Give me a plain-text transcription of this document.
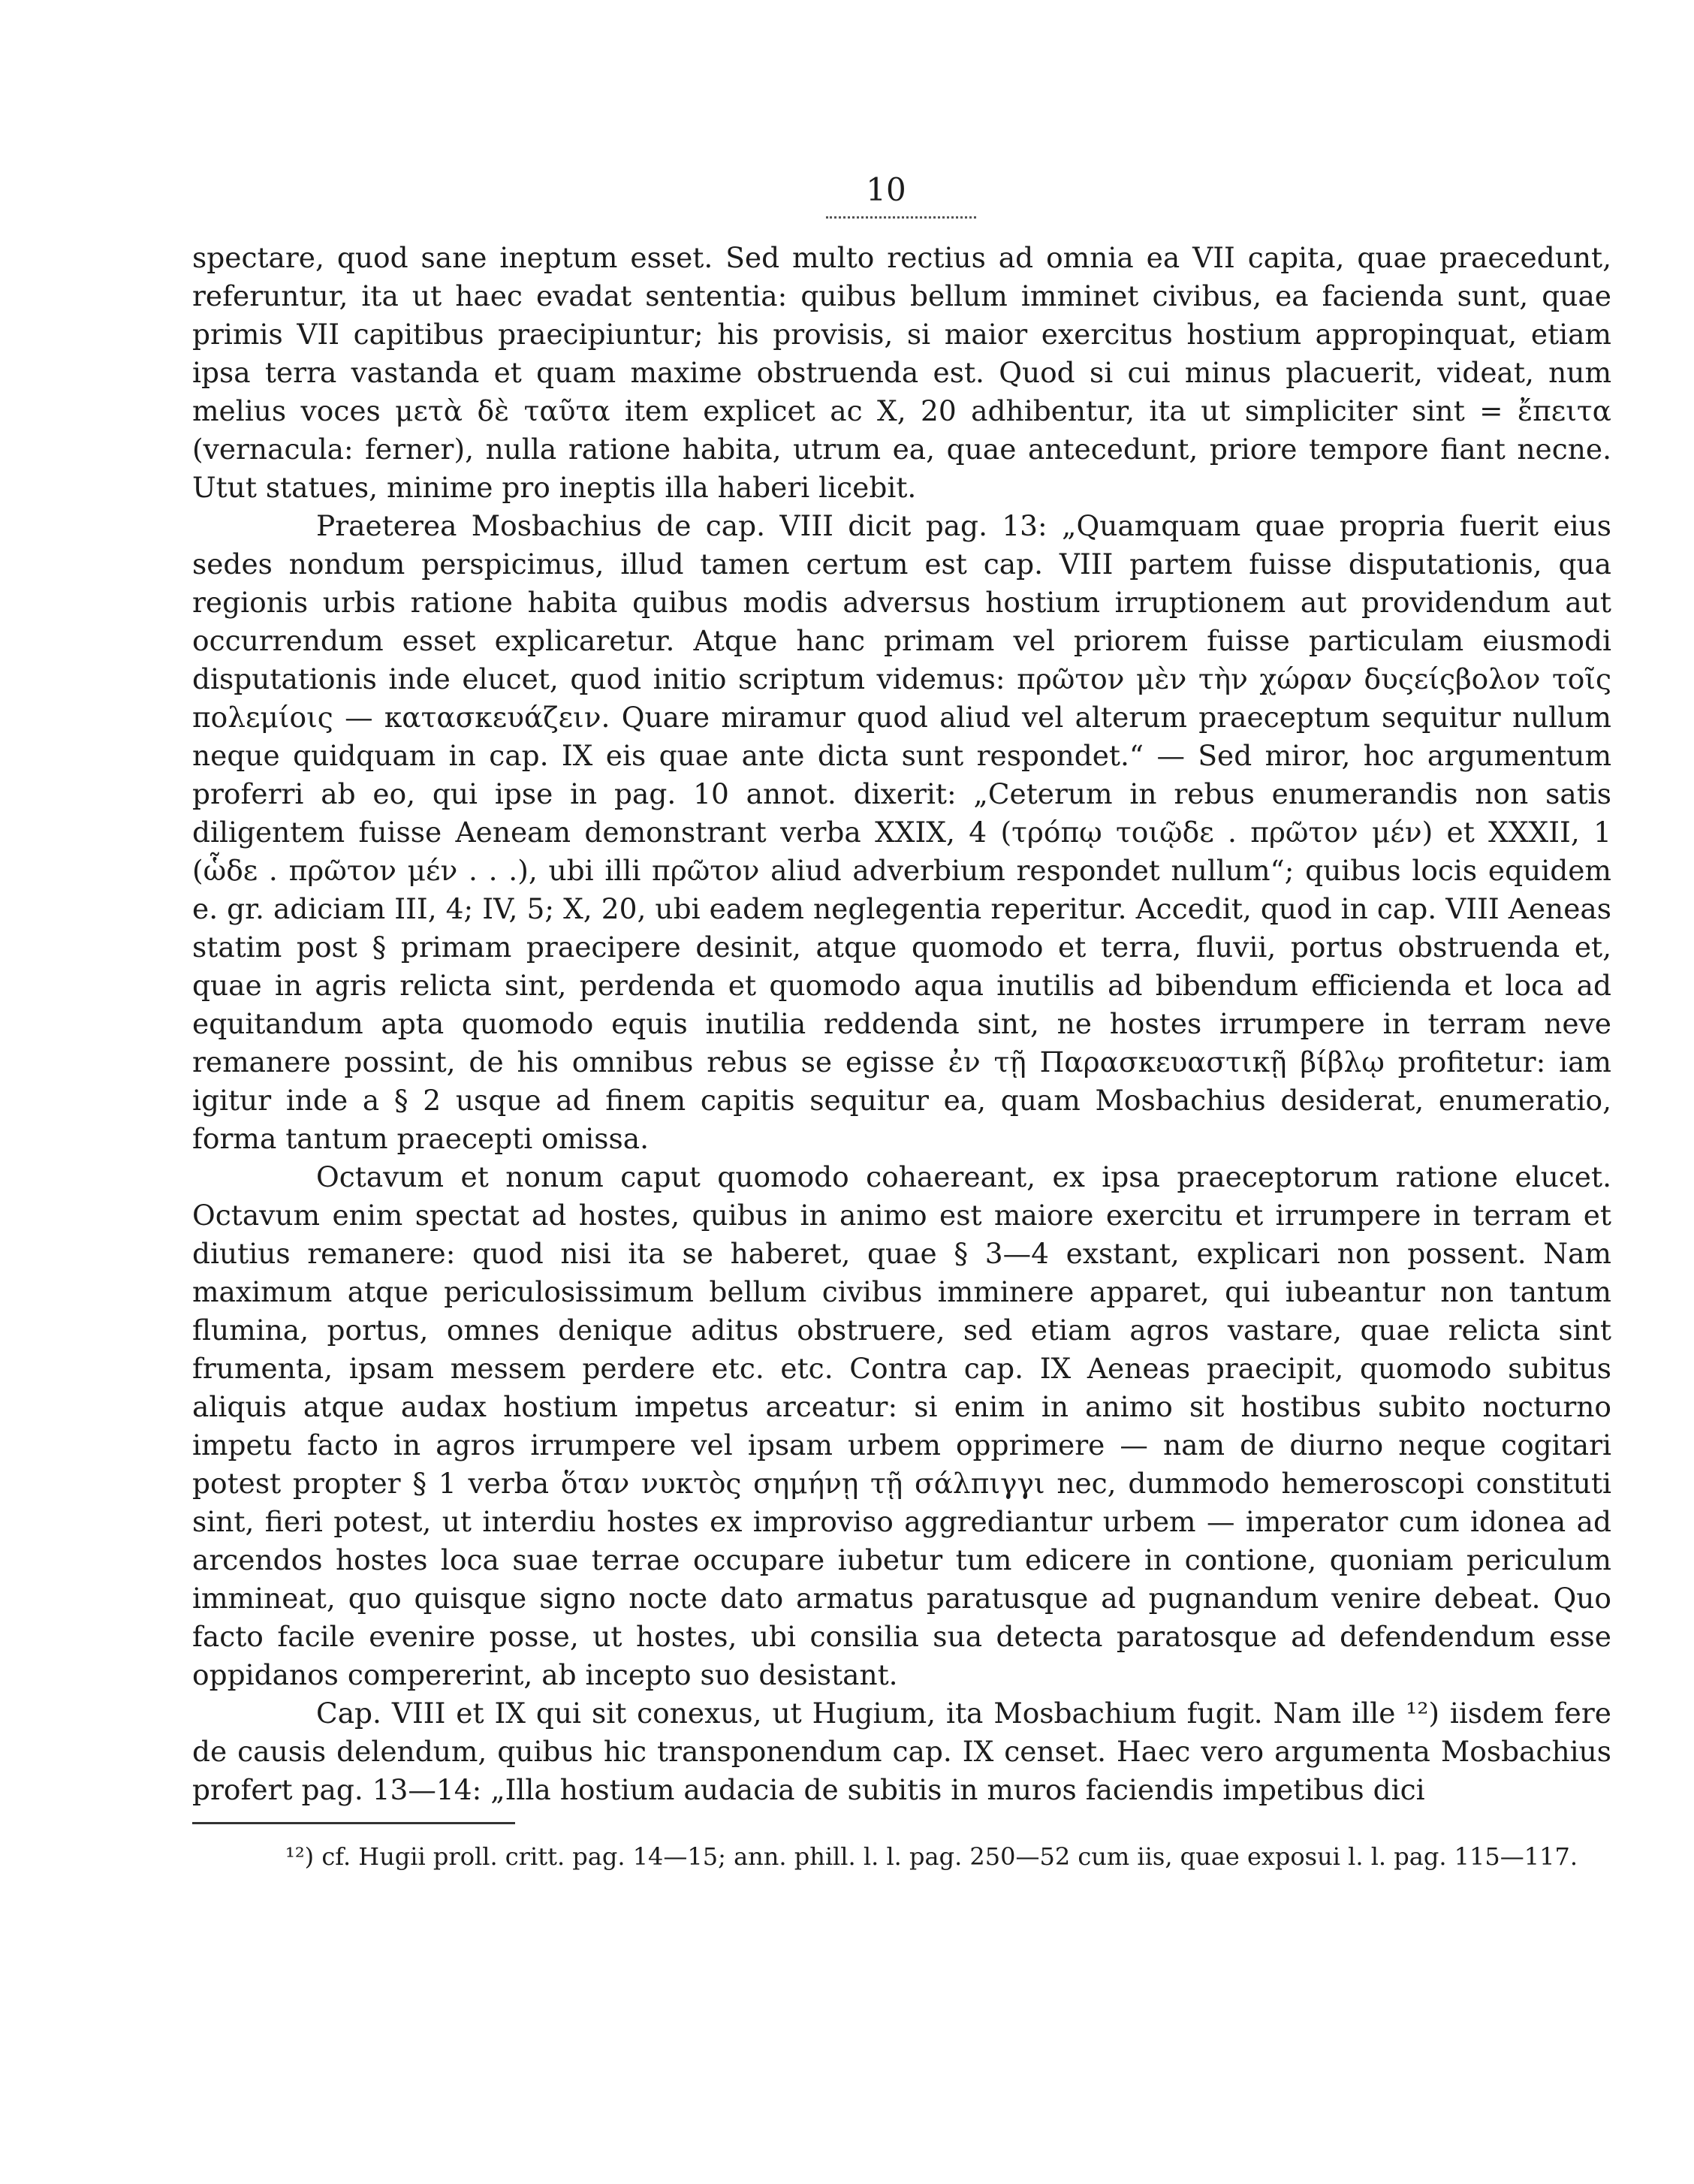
10

spectare, quod sane ineptum esset. Sed multo rectius ad omnia ea VII capita, quae praecedunt, referuntur, ita ut haec evadat sententia: quibus bellum imminet civibus, ea facienda sunt, quae primis VII capitibus praecipiuntur; his provisis, si maior exercitus hostium appropinquat, etiam ipsa terra vastanda et quam maxime obstruenda est. Quod si cui minus placuerit, videat, num melius voces μετὰ δὲ ταῦτα item explicet ac X, 20 adhibentur, ita ut simpliciter sint = ἔπειτα (vernacula: ferner), nulla ratione habita, utrum ea, quae antecedunt, priore tempore fiant necne. Utut statues, minime pro ineptis illa haberi licebit.

Praeterea Mosbachius de cap. VIII dicit pag. 13: „Quamquam quae propria fuerit eius sedes nondum perspicimus, illud tamen certum est cap. VIII partem fuisse disputationis, qua regionis urbis ratione habita quibus modis adversus hostium irruptionem aut providendum aut occurrendum esset explicaretur. Atque hanc primam vel priorem fuisse particulam eiusmodi disputationis inde elucet, quod initio scriptum videmus: πρῶτον μὲν τὴν χώραν δυςείςβολον τοῖς πολεμίοις — κατασκευάζειν. Quare miramur quod aliud vel alterum praeceptum sequitur nullum neque quidquam in cap. IX eis quae ante dicta sunt respondet.“ — Sed miror, hoc argumentum proferri ab eo, qui ipse in pag. 10 annot. dixerit: „Ceterum in rebus enumerandis non satis diligentem fuisse Aeneam demonstrant verba XXIX, 4 (τρόπῳ τοιῷδε . πρῶτον μέν) et XXXII, 1 (ὧδε . πρῶτον μέν . . .), ubi illi πρῶτον aliud adverbium respondet nullum“; quibus locis equidem e. gr. adiciam III, 4; IV, 5; X, 20, ubi eadem neglegentia reperitur. Accedit, quod in cap. VIII Aeneas statim post § primam praecipere desinit, atque quomodo et terra, fluvii, portus obstruenda et, quae in agris relicta sint, perdenda et quomodo aqua inutilis ad bibendum efficienda et loca ad equitandum apta quomodo equis inutilia reddenda sint, ne hostes irrumpere in terram neve remanere possint, de his omnibus rebus se egisse ἐν τῇ Παρασκευαστικῇ βίβλῳ profitetur: iam igitur inde a § 2 usque ad finem capitis sequitur ea, quam Mosbachius desiderat, enumeratio, forma tantum praecepti omissa.

Octavum et nonum caput quomodo cohaereant, ex ipsa praeceptorum ratione elucet. Octavum enim spectat ad hostes, quibus in animo est maiore exercitu et irrumpere in terram et diutius remanere: quod nisi ita se haberet, quae § 3—4 exstant, explicari non possent. Nam maximum atque periculosissimum bellum civibus imminere apparet, qui iubeantur non tantum flumina, portus, omnes denique aditus obstruere, sed etiam agros vastare, quae relicta sint frumenta, ipsam messem perdere etc. etc. Contra cap. IX Aeneas praecipit, quomodo subitus aliquis atque audax hostium impetus arceatur: si enim in animo sit hostibus subito nocturno impetu facto in agros irrumpere vel ipsam urbem opprimere — nam de diurno neque cogitari potest propter § 1 verba ὅταν νυκτὸς σημήνῃ τῇ σάλπιγγι nec, dummodo hemeroscopi constituti sint, fieri potest, ut interdiu hostes ex improviso aggrediantur urbem — imperator cum idonea ad arcendos hostes loca suae terrae occupare iubetur tum edicere in contione, quoniam periculum immineat, quo quisque signo nocte dato armatus paratusque ad pugnandum venire debeat. Quo facto facile evenire posse, ut hostes, ubi consilia sua detecta paratosque ad defendendum esse oppidanos compererint, ab incepto suo desistant.

Cap. VIII et IX qui sit conexus, ut Hugium, ita Mosbachium fugit. Nam ille ¹²) iisdem fere de causis delendum, quibus hic transponendum cap. IX censet. Haec vero argumenta Mosbachius profert pag. 13—14: „Illa hostium audacia de subitis in muros faciendis impetibus dici

¹²) cf. Hugii proll. critt. pag. 14—15; ann. phill. l. l. pag. 250—52 cum iis, quae exposui l. l. pag. 115—117.
